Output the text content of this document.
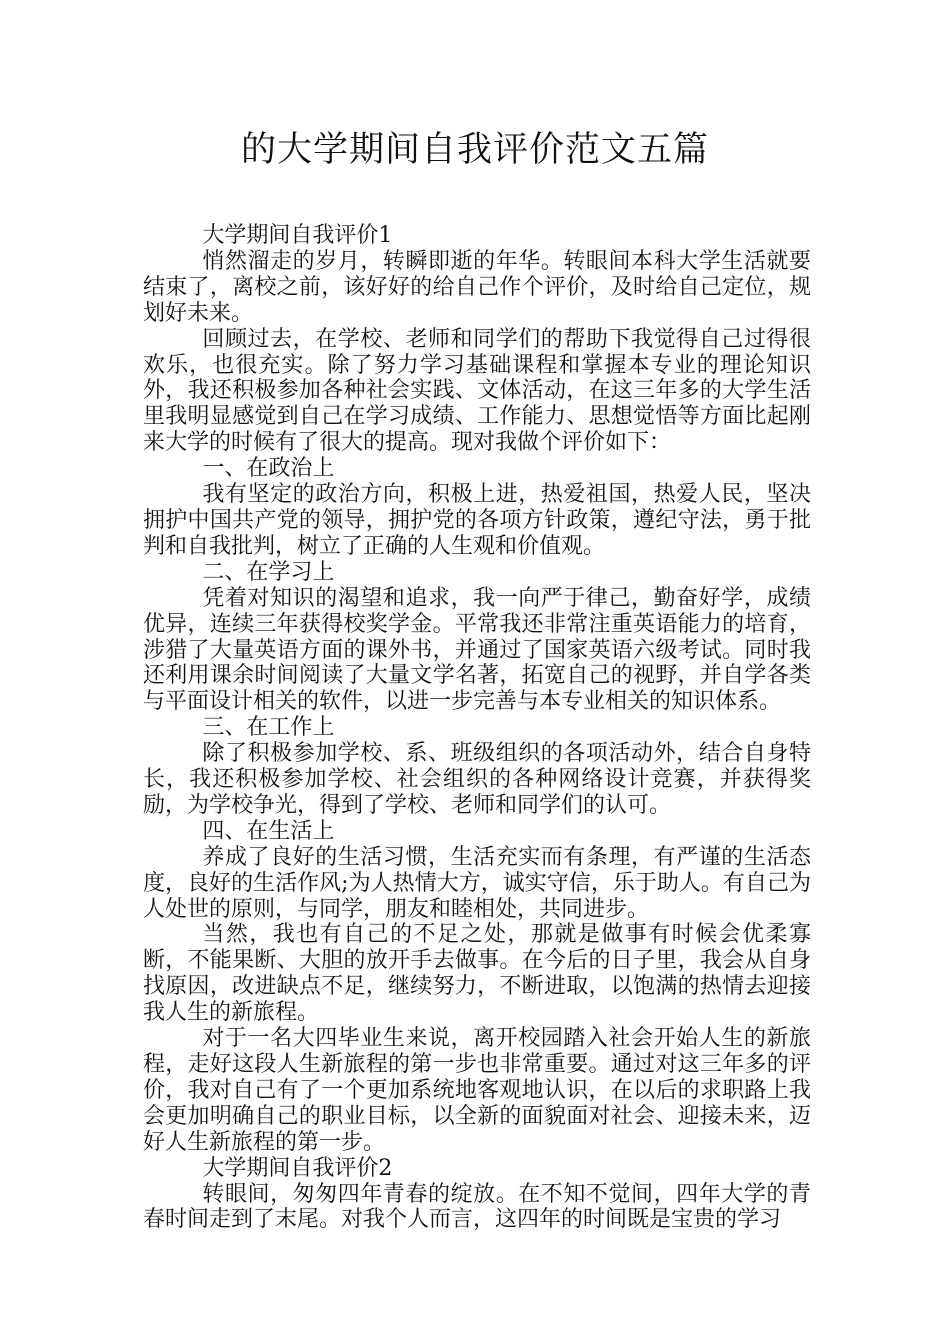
的大学期间自我评价范文五篇

大学期间自我评价1

悄然溜走的岁月，转瞬即逝的年华。转眼间本科大学生活就要结束了，离校之前，该好好的给自己作个评价，及时给自己定位，规划好未来。

回顾过去，在学校、老师和同学们的帮助下我觉得自己过得很欢乐，也很充实。除了努力学习基础课程和掌握本专业的理论知识外，我还积极参加各种社会实践、文体活动，在这三年多的大学生活里我明显感觉到自己在学习成绩、工作能力、思想觉悟等方面比起刚来大学的时候有了很大的提高。现对我做个评价如下：

一、在政治上

我有坚定的政治方向，积极上进，热爱祖国，热爱人民，坚决拥护中国共产党的领导，拥护党的各项方针政策，遵纪守法，勇于批判和自我批判，树立了正确的人生观和价值观。

二、在学习上

凭着对知识的渴望和追求，我一向严于律己，勤奋好学，成绩优异，连续三年获得校奖学金。平常我还非常注重英语能力的培育，涉猎了大量英语方面的课外书，并通过了国家英语六级考试。同时我还利用课余时间阅读了大量文学名著，拓宽自己的视野，并自学各类与平面设计相关的软件，以进一步完善与本专业相关的知识体系。

三、在工作上

除了积极参加学校、系、班级组织的各项活动外，结合自身特长，我还积极参加学校、社会组织的各种网络设计竞赛，并获得奖励，为学校争光，得到了学校、老师和同学们的认可。

四、在生活上

养成了良好的生活习惯，生活充实而有条理，有严谨的生活态度，良好的生活作风;为人热情大方，诚实守信，乐于助人。有自己为人处世的原则，与同学，朋友和睦相处，共同进步。

当然，我也有自己的不足之处，那就是做事有时候会优柔寡断，不能果断、大胆的放开手去做事。在今后的日子里，我会从自身找原因，改进缺点不足，继续努力，不断进取，以饱满的热情去迎接我人生的新旅程。

对于一名大四毕业生来说，离开校园踏入社会开始人生的新旅程，走好这段人生新旅程的第一步也非常重要。通过对这三年多的评价，我对自己有了一个更加系统地客观地认识，在以后的求职路上我会更加明确自己的职业目标，以全新的面貌面对社会、迎接未来，迈好人生新旅程的第一步。

大学期间自我评价2

转眼间，匆匆四年青春的绽放。在不知不觉间，四年大学的青春时间走到了末尾。对我个人而言，这四年的时间既是宝贵的学习
